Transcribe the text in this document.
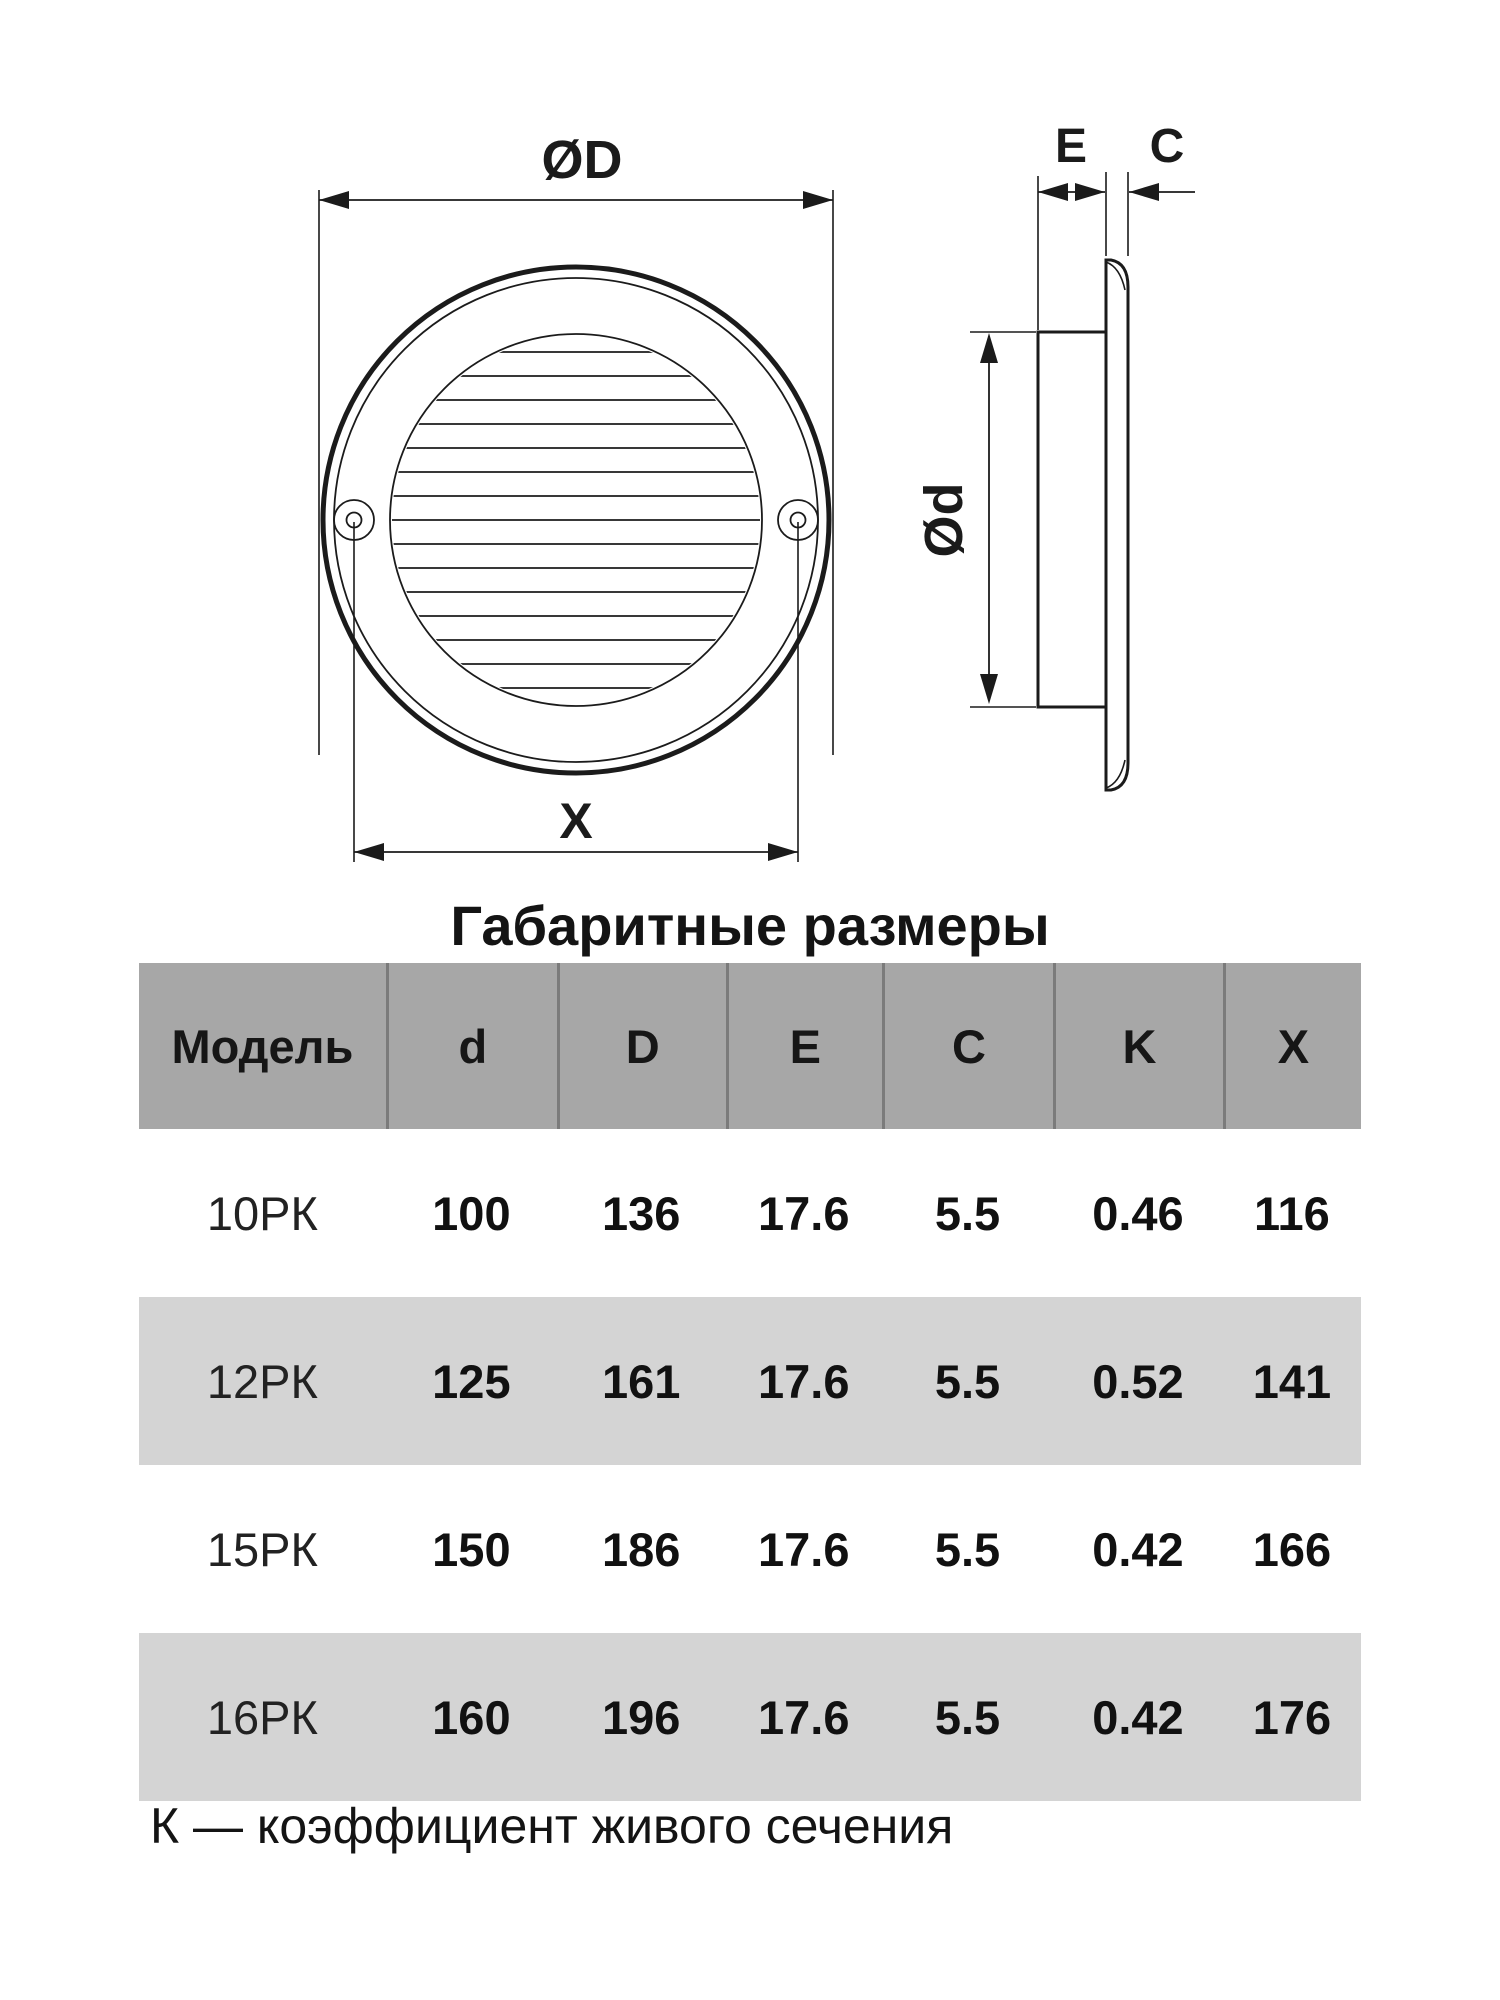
ØD
X
E C
Ød
Габаритные размеры
Модель	d	D	E	C	K	X
10РК	100	136	17.6	5.5	0.46	116
12РК	125	161	17.6	5.5	0.52	141
15РК	150	186	17.6	5.5	0.42	166
16РК	160	196	17.6	5.5	0.42	176
К — коэффициент живого сечения
